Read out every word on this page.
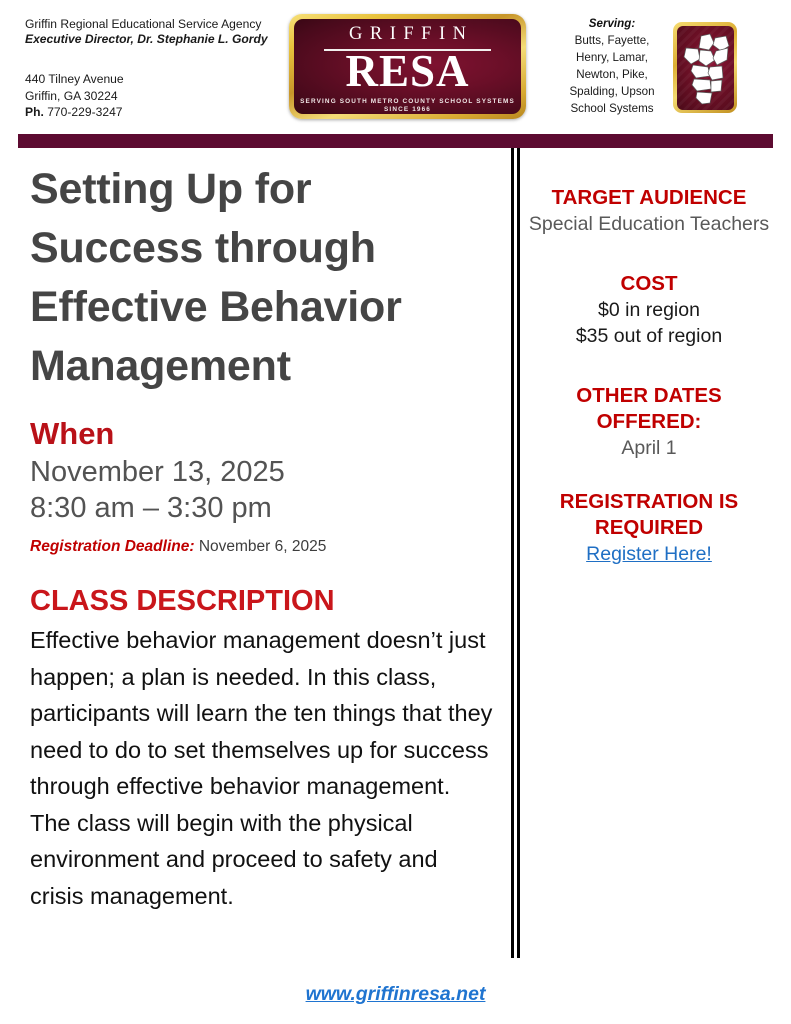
Griffin Regional Educational Service Agency
Executive Director, Dr. Stephanie L. Gordy
440 Tilney Avenue
Griffin, GA 30224
Ph. 770-229-3247
GRIFFIN
RESA
SERVING SOUTH METRO COUNTY SCHOOL SYSTEMS
SINCE 1966
Serving:
Butts, Fayette,
Henry, Lamar,
Newton, Pike,
Spalding, Upson
School Systems
Setting Up for Success through Effective Behavior Management
When
November 13, 2025
8:30 am – 3:30 pm
Registration Deadline: November 6, 2025
CLASS DESCRIPTION
Effective behavior management doesn’t just happen; a plan is needed. In this class, participants will learn the ten things that they need to do to set themselves up for success through effective behavior management. The class will begin with the physical environment and proceed to safety and crisis management.
TARGET AUDIENCE
Special Education Teachers
COST
$0 in region
$35 out of region
OTHER DATES OFFERED:
April 1
REGISTRATION IS REQUIRED
Register Here!
www.griffinresa.net
